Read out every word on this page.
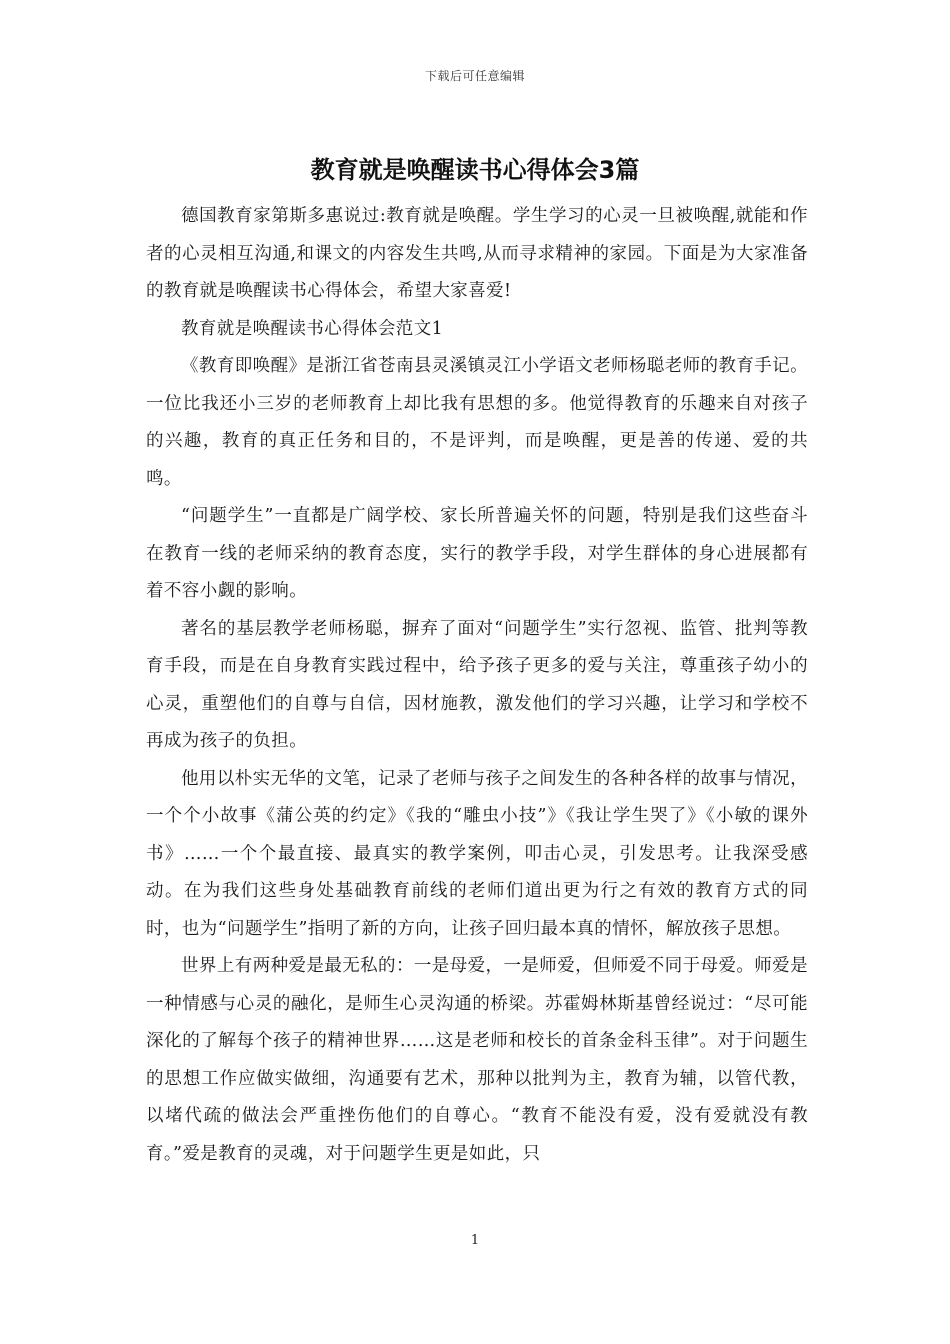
下载后可任意编辑
教育就是唤醒读书心得体会3篇

德国教育家第斯多惠说过:教育就是唤醒。学生学习的心灵一旦被唤醒,就能和作者的心灵相互沟通,和课文的内容发生共鸣,从而寻求精神的家园。下面是为大家准备的教育就是唤醒读书心得体会，希望大家喜爱!

教育就是唤醒读书心得体会范文1

《教育即唤醒》是浙江省苍南县灵溪镇灵江小学语文老师杨聪老师的教育手记。一位比我还小三岁的老师教育上却比我有思想的多。他觉得教育的乐趣来自对孩子的兴趣，教育的真正任务和目的，不是评判，而是唤醒，更是善的传递、爱的共鸣。

“问题学生”一直都是广阔学校、家长所普遍关怀的问题，特别是我们这些奋斗在教育一线的老师采纳的教育态度，实行的教学手段，对学生群体的身心进展都有着不容小觑的影响。

著名的基层教学老师杨聪，摒弃了面对“问题学生”实行忽视、监管、批判等教育手段，而是在自身教育实践过程中，给予孩子更多的爱与关注，尊重孩子幼小的心灵，重塑他们的自尊与自信，因材施教，激发他们的学习兴趣，让学习和学校不再成为孩子的负担。

他用以朴实无华的文笔，记录了老师与孩子之间发生的各种各样的故事与情况，一个个小故事《蒲公英的约定》《我的“雕虫小技”》《我让学生哭了》《小敏的课外书》……一个个最直接、最真实的教学案例，叩击心灵，引发思考。让我深受感动。在为我们这些身处基础教育前线的老师们道出更为行之有效的教育方式的同时，也为“问题学生”指明了新的方向，让孩子回归最本真的情怀，解放孩子思想。

世界上有两种爱是最无私的：一是母爱，一是师爱，但师爱不同于母爱。师爱是一种情感与心灵的融化，是师生心灵沟通的桥梁。苏霍姆林斯基曾经说过：“尽可能深化的了解每个孩子的精神世界……这是老师和校长的首条金科玉律”。对于问题生的思想工作应做实做细，沟通要有艺术，那种以批判为主，教育为辅，以管代教，以堵代疏的做法会严重挫伤他们的自尊心。“教育不能没有爱，没有爱就没有教育。”爱是教育的灵魂，对于问题学生更是如此，只

1
